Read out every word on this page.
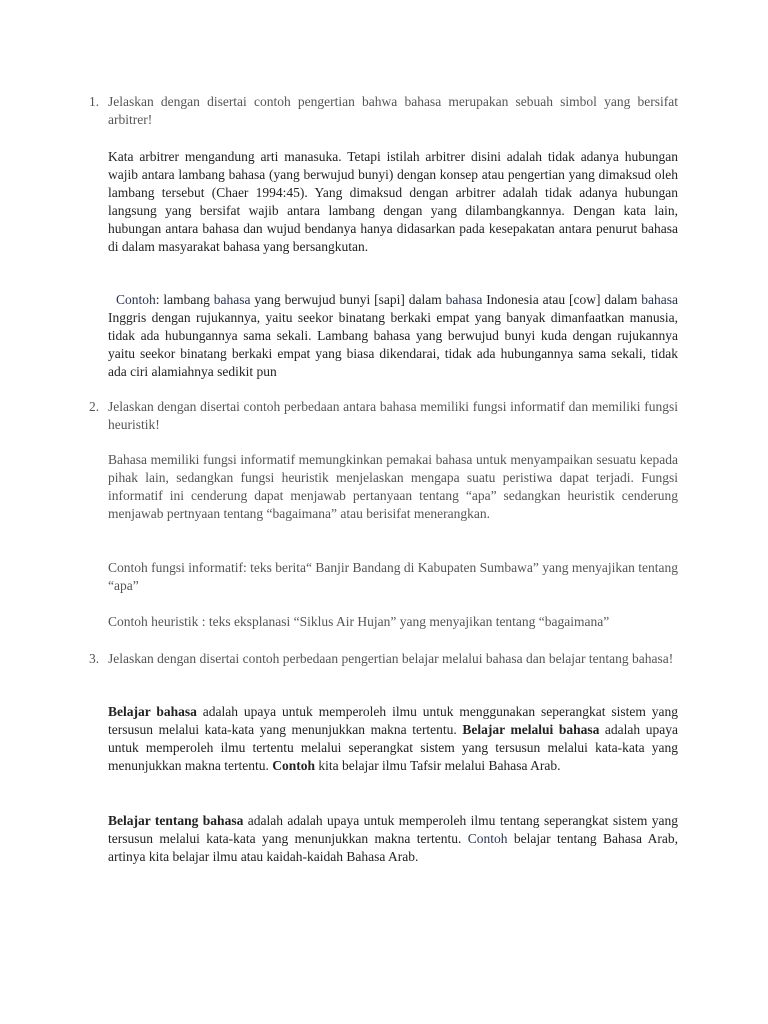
1. Jelaskan dengan disertai contoh pengertian bahwa bahasa merupakan sebuah simbol yang bersifat arbitrer!
Kata arbitrer mengandung arti manasuka. Tetapi istilah arbitrer disini adalah tidak adanya hubungan wajib antara lambang bahasa (yang berwujud bunyi) dengan konsep atau pengertian yang dimaksud oleh lambang tersebut (Chaer 1994:45). Yang dimaksud dengan arbitrer adalah tidak adanya hubungan langsung yang bersifat wajib antara lambang dengan yang dilambangkannya. Dengan kata lain, hubungan antara bahasa dan wujud bendanya hanya didasarkan pada kesepakatan antara penurut bahasa di dalam masyarakat bahasa yang bersangkutan.
Contoh: lambang bahasa yang berwujud bunyi [sapi] dalam bahasa Indonesia atau [cow] dalam bahasa Inggris dengan rujukannya, yaitu seekor binatang berkaki empat yang banyak dimanfaatkan manusia, tidak ada hubungannya sama sekali. Lambang bahasa yang berwujud bunyi kuda dengan rujukannya yaitu seekor binatang berkaki empat yang biasa dikendarai, tidak ada hubungannya sama sekali, tidak ada ciri alamiahnya sedikit pun
2. Jelaskan dengan disertai contoh perbedaan antara bahasa memiliki fungsi informatif dan memiliki fungsi heuristik!
Bahasa memiliki fungsi informatif memungkinkan pemakai bahasa untuk menyampaikan sesuatu kepada pihak lain, sedangkan fungsi heuristik menjelaskan mengapa suatu peristiwa dapat terjadi. Fungsi informatif ini cenderung dapat menjawab pertanyaan tentang “apa” sedangkan heuristik cenderung menjawab pertnyaan tentang “bagaimana” atau berisifat menerangkan.
Contoh fungsi informatif: teks berita“ Banjir Bandang di Kabupaten Sumbawa” yang menyajikan tentang “apa”
Contoh heuristik : teks eksplanasi “Siklus Air Hujan” yang menyajikan tentang “bagaimana”
3. Jelaskan dengan disertai contoh perbedaan pengertian belajar melalui bahasa dan belajar tentang bahasa!
Belajar bahasa adalah upaya untuk memperoleh ilmu untuk menggunakan seperangkat sistem yang tersusun melalui kata-kata yang menunjukkan makna tertentu. Belajar melalui bahasa adalah upaya untuk memperoleh ilmu tertentu melalui seperangkat sistem yang tersusun melalui kata-kata yang menunjukkan makna tertentu. Contoh kita belajar ilmu Tafsir melalui Bahasa Arab.
Belajar tentang bahasa adalah adalah upaya untuk memperoleh ilmu tentang seperangkat sistem yang tersusun melalui kata-kata yang menunjukkan makna tertentu. Contoh belajar tentang Bahasa Arab, artinya kita belajar ilmu atau kaidah-kaidah Bahasa Arab.
